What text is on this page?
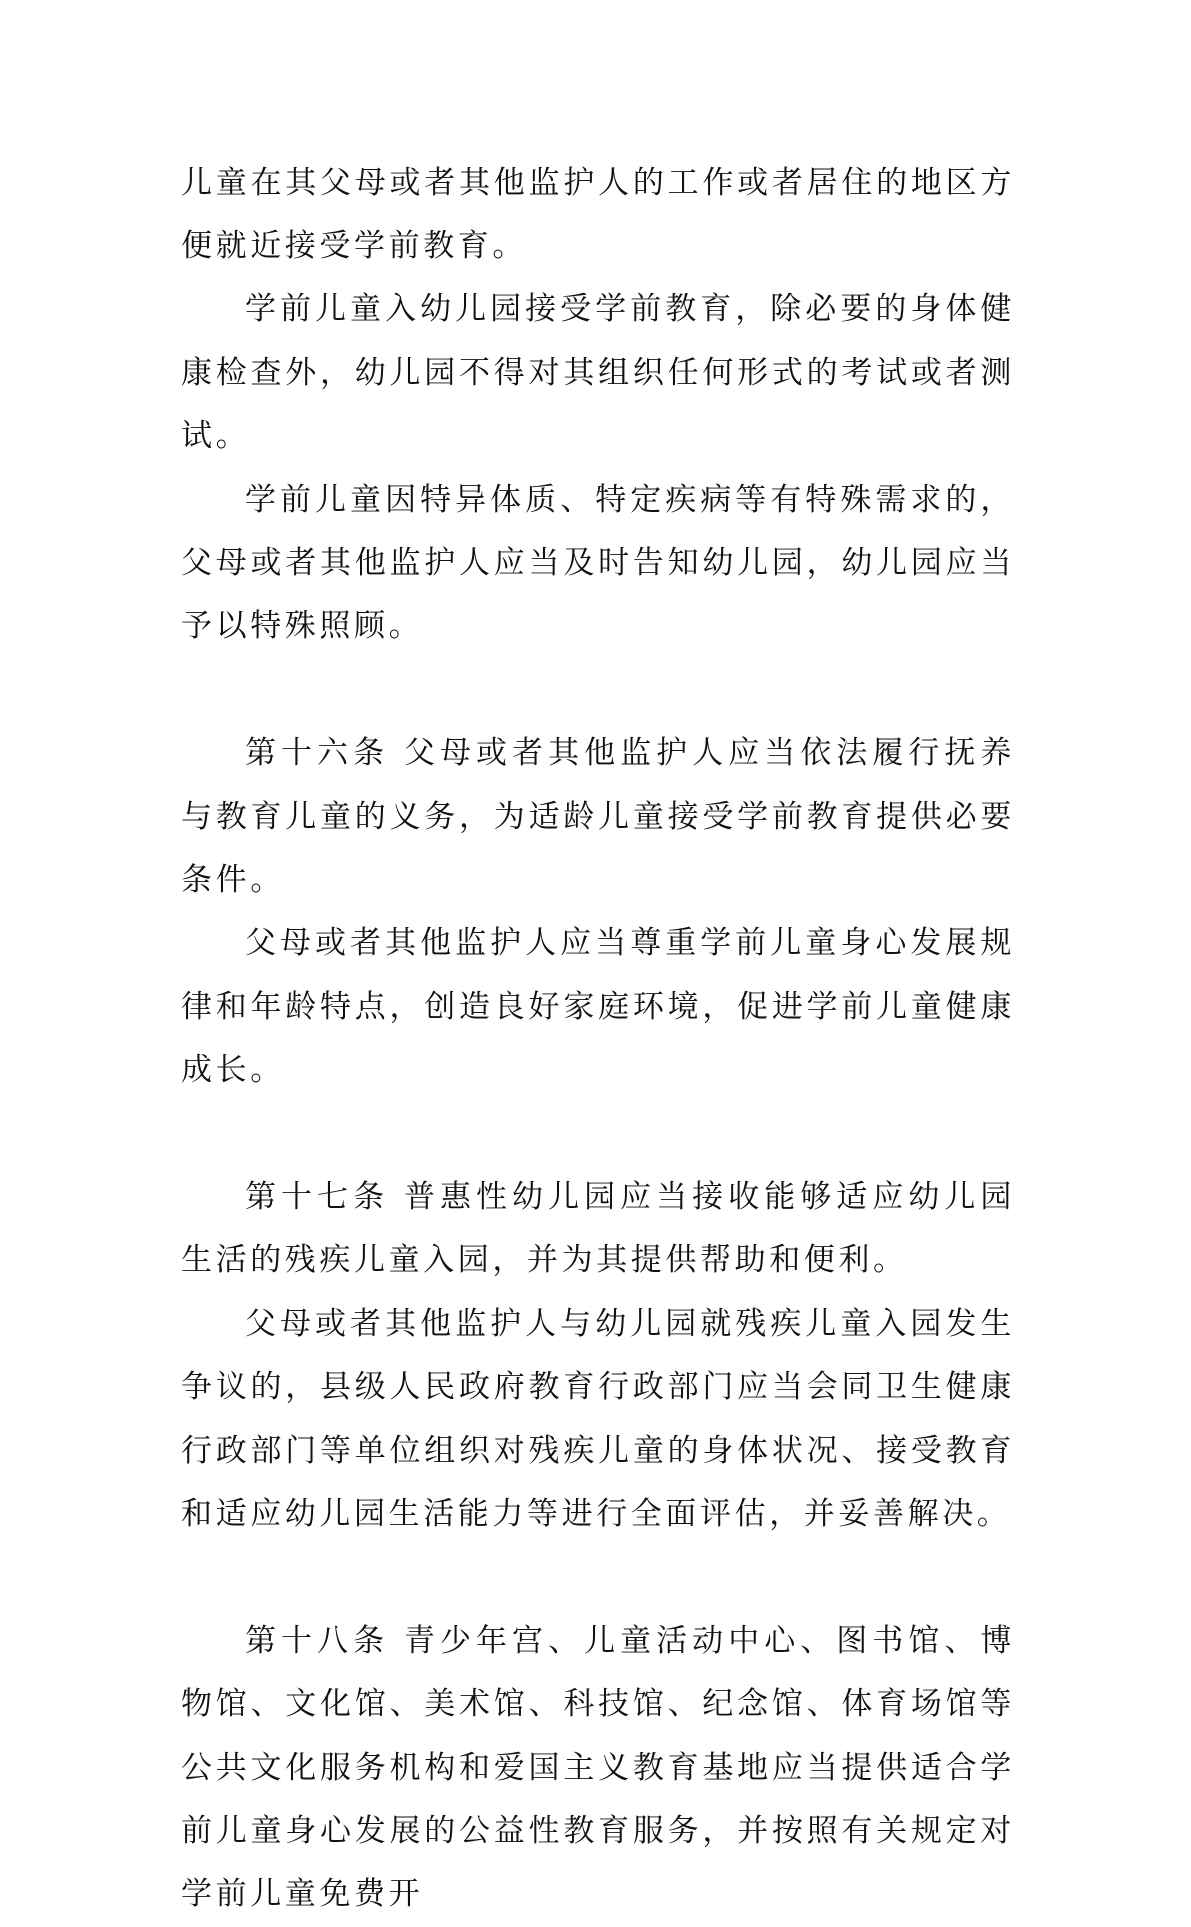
儿童在其父母或者其他监护人的工作或者居住的地区方便就近接受学前教育。

学前儿童入幼儿园接受学前教育，除必要的身体健康检查外，幼儿园不得对其组织任何形式的考试或者测试。

学前儿童因特异体质、特定疾病等有特殊需求的，父母或者其他监护人应当及时告知幼儿园，幼儿园应当予以特殊照顾。

第十六条 父母或者其他监护人应当依法履行抚养与教育儿童的义务，为适龄儿童接受学前教育提供必要条件。

父母或者其他监护人应当尊重学前儿童身心发展规律和年龄特点，创造良好家庭环境，促进学前儿童健康成长。

第十七条 普惠性幼儿园应当接收能够适应幼儿园生活的残疾儿童入园，并为其提供帮助和便利。

父母或者其他监护人与幼儿园就残疾儿童入园发生争议的，县级人民政府教育行政部门应当会同卫生健康行政部门等单位组织对残疾儿童的身体状况、接受教育和适应幼儿园生活能力等进行全面评估，并妥善解决。

第十八条 青少年宫、儿童活动中心、图书馆、博物馆、文化馆、美术馆、科技馆、纪念馆、体育场馆等公共文化服务机构和爱国主义教育基地应当提供适合学前儿童身心发展的公益性教育服务，并按照有关规定对学前儿童免费开
